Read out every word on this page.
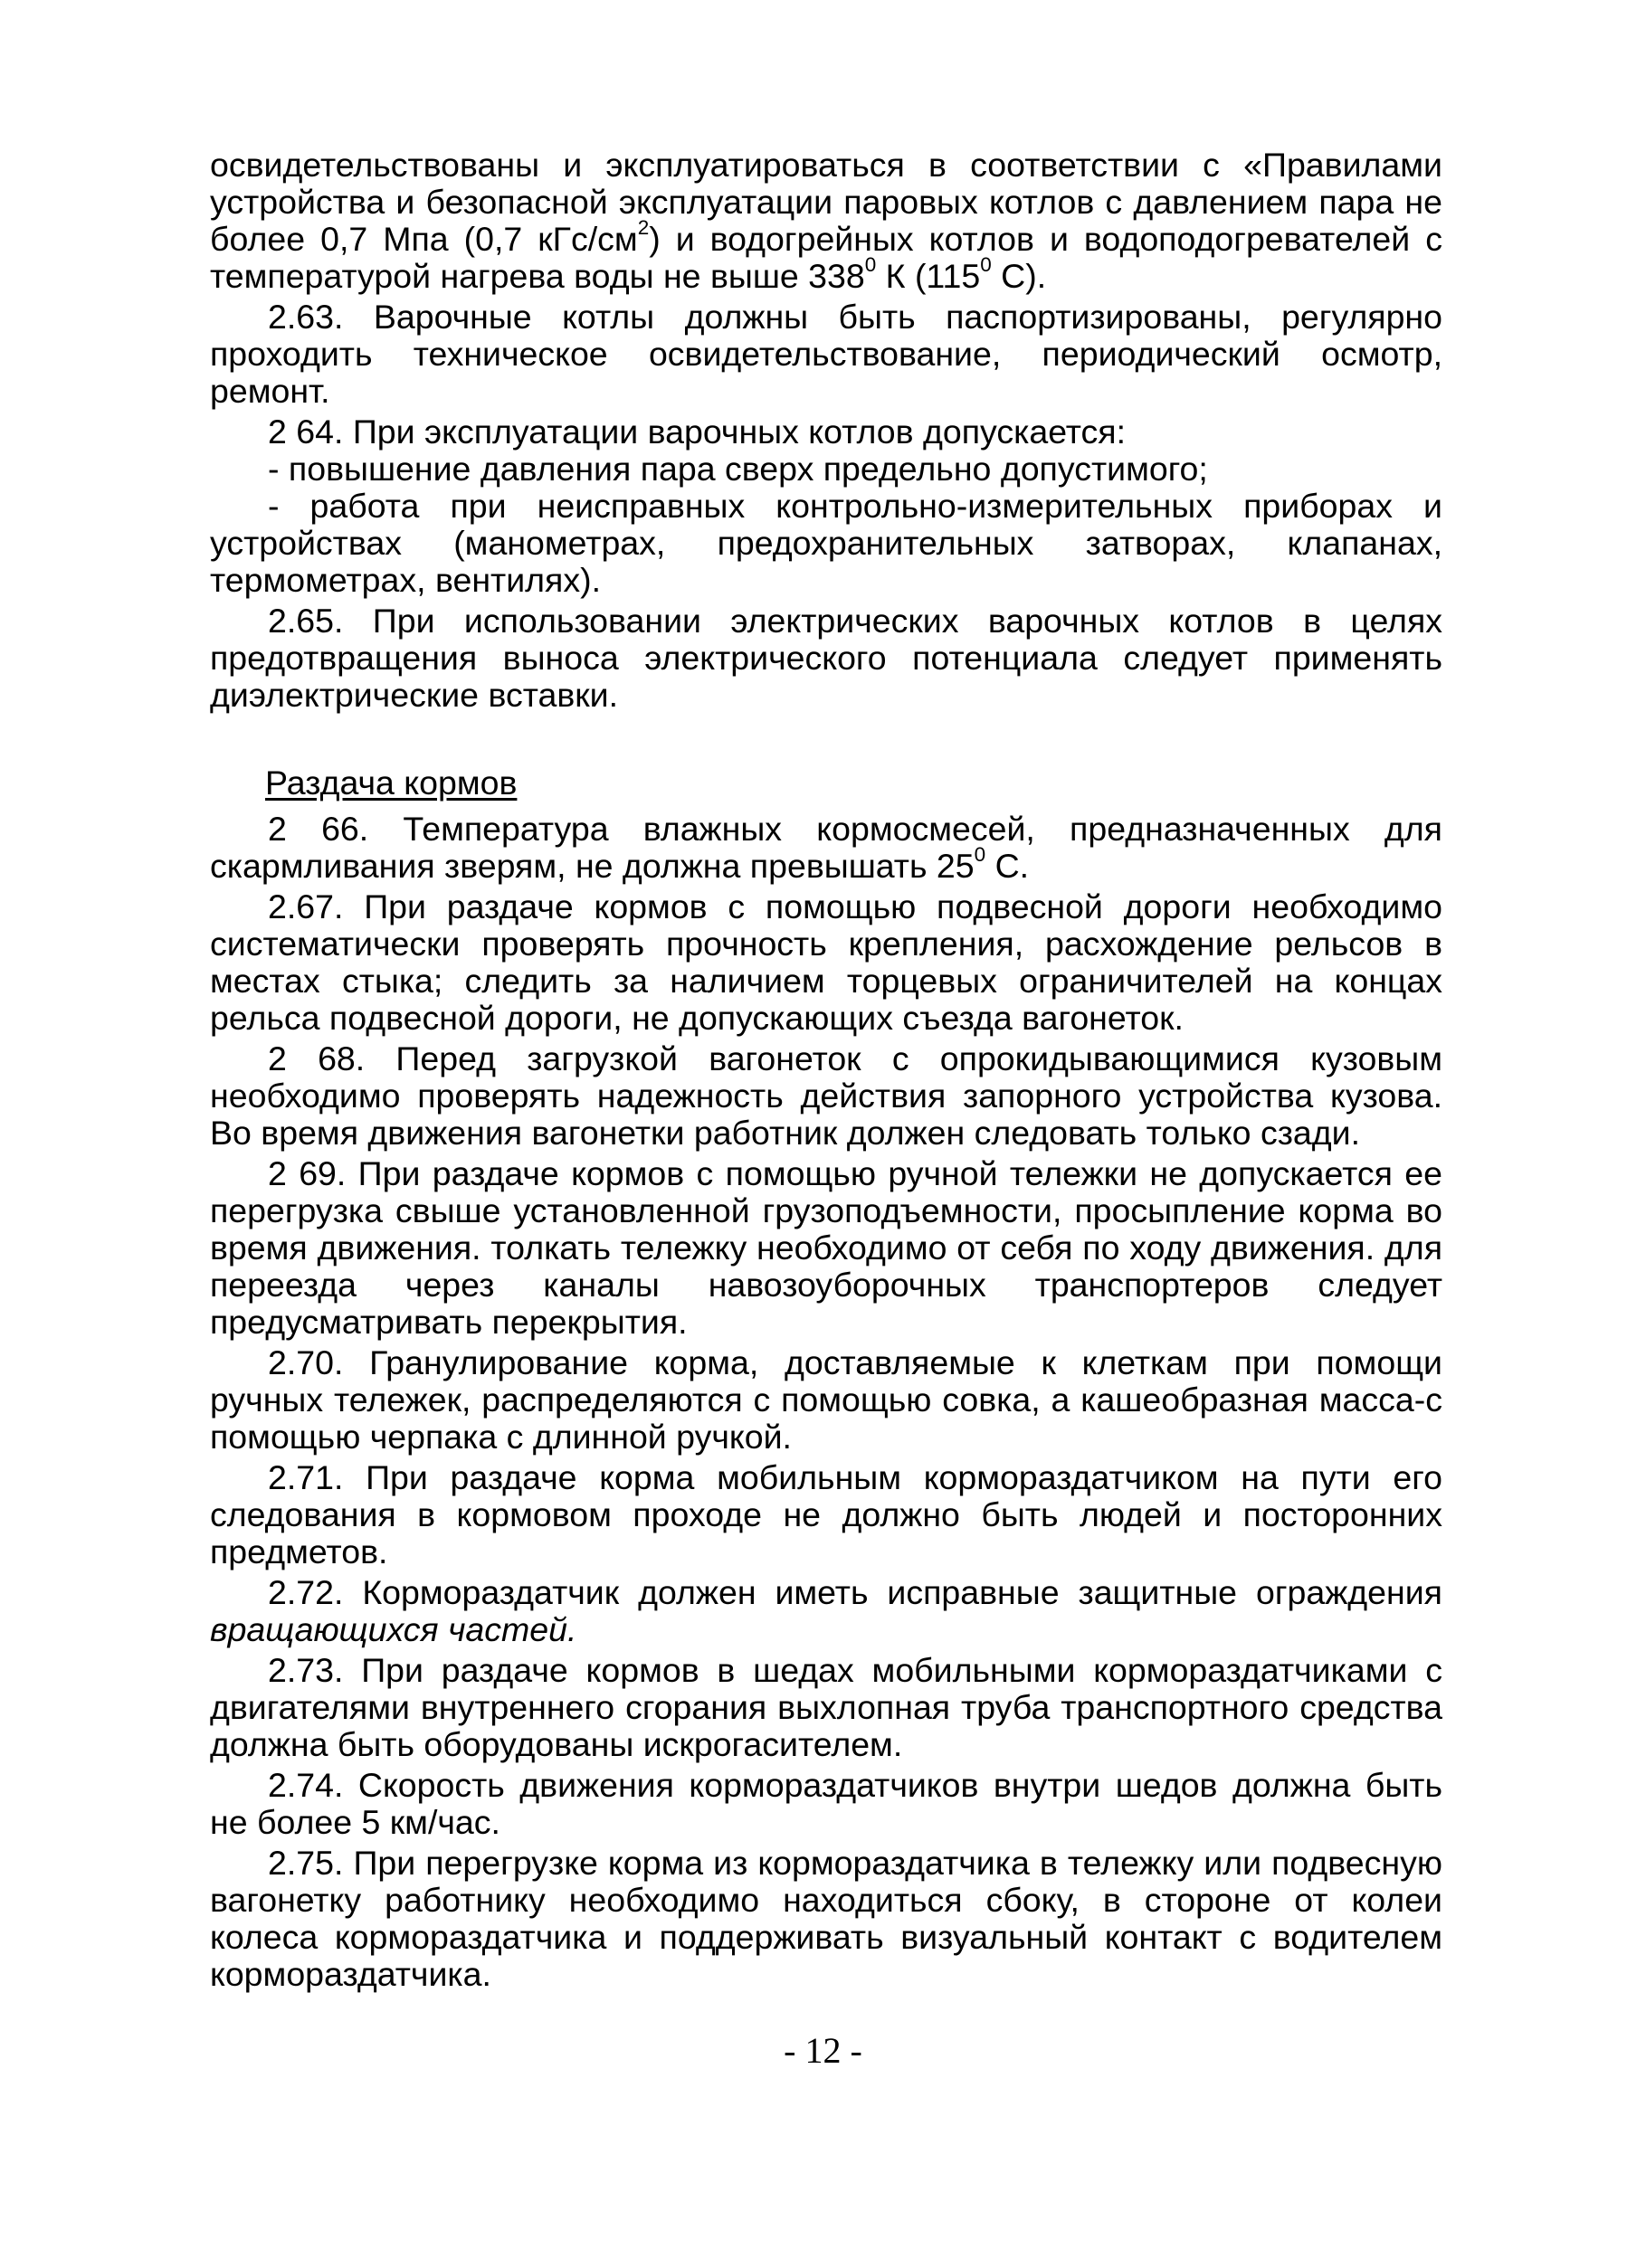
освидетельствованы и эксплуатироваться в соответствии с «Правилами устройства и безопасной эксплуатации паровых котлов с давлением пара не более 0,7 Мпа (0,7 кГс/$см^2$) и водогрейных котлов и водоподогревателей с температурой нагрева воды не выше $338^0$ К ($115^0$ С).

2.63. Варочные котлы должны быть паспортизированы, регулярно проходить техническое освидетельствование, периодический осмотр, ремонт.

2 64. При эксплуатации варочных котлов допускается:

- повышение давления пара сверх предельно допустимого;

- работа при неисправных контрольно-измерительных приборах и устройствах (манометрах, предохранительных затворах, клапанах, термометрах, вентилях).

2.65. При использовании электрических варочных котлов в целях предотвращения выноса электрического потенциала следует применять диэлектрические вставки.

Раздача кормов

2 66. Температура влажных кормосмесей, предназначенных для скармливания зверям, не должна превышать $25^0$ С.

2.67. При раздаче кормов с помощью подвесной дороги необходимо систематически проверять прочность крепления, расхождение рельсов в местах стыка; следить за наличием торцевых ограничителей на концах рельса подвесной дороги, не допускающих съезда вагонеток.

2 68. Перед загрузкой вагонеток с опрокидывающимися кузовым необходимо проверять надежность действия запорного устройства кузова. Во время движения вагонетки работник должен следовать только сзади.

2 69. При раздаче кормов с помощью ручной тележки не допускается ее перегрузка свыше установленной грузоподъемности, просыпление корма во время движения. толкать тележку необходимо от себя по ходу движения. для переезда через каналы навозоуборочных транспортеров следует предусматривать перекрытия.

2.70. Гранулирование корма, доставляемые к клеткам при помощи ручных тележек, распределяются с помощью совка, а кашеобразная масса-с помощью черпака с длинной ручкой.

2.71. При раздаче корма мобильным кормораздатчиком на пути его следования в кормовом проходе не должно быть людей и посторонних предметов.

2.72. Кормораздатчик должен иметь исправные защитные ограждения вращающихся частей.

2.73. При раздаче кормов в шедах мобильными кормораздатчиками с двигателями внутреннего сгорания выхлопная труба транспортного средства должна быть оборудованы искрогасителем.

2.74. Скорость движения кормораздатчиков внутри шедов должна быть не более 5 км/час.

2.75. При перегрузке корма из кормораздатчика в тележку или подвесную вагонетку работнику необходимо находиться сбоку, в стороне от колеи колеса кормораздатчика и поддерживать визуальный контакт с водителем кормораздатчика.

- 12 -
